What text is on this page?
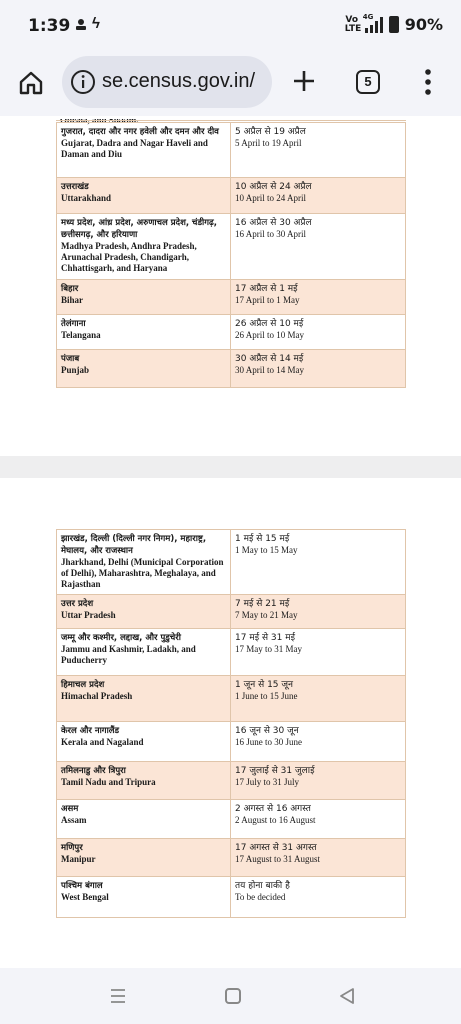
1:39 ϟ	Vo LTE
4G 90%
se.census.gov.in/	5
गुजरात, दादरा और नगर हवेली और दमन और दीव
Gujarat, Dadra and Nagar Haveli and Daman and Diu	5 अप्रैल से 19 अप्रैल
5 April to 19 April

उत्तराखंड
Uttarakhand	10 अप्रैल से 24 अप्रैल
10 April to 24 April

मध्य प्रदेश, आंध्र प्रदेश, अरुणाचल प्रदेश, चंडीगढ़, छत्तीसगढ़, और हरियाणा
Madhya Pradesh, Andhra Pradesh, Arunachal Pradesh, Chandigarh, Chhattisgarh, and Haryana	16 अप्रैल से 30 अप्रैल
16 April to 30 April

बिहार
Bihar	17 अप्रैल से 1 मई
17 April to 1 May

तेलंगाना
Telangana	26 अप्रैल से 10 मई
26 April to 10 May

पंजाब
Punjab	30 अप्रैल से 14 मई
30 April to 14 May
झारखंड, दिल्ली (दिल्ली नगर निगम), महाराष्ट्र, मेघालय, और राजस्थान
Jharkhand, Delhi (Municipal Corporation of Delhi), Maharashtra, Meghalaya, and Rajasthan	1 मई से 15 मई
1 May to 15 May

उत्तर प्रदेश
Uttar Pradesh	7 मई से 21 मई
7 May to 21 May

जम्मू और कश्मीर, लद्दाख, और पुडुचेरी
Jammu and Kashmir, Ladakh, and Puducherry	17 मई से 31 मई
17 May to 31 May

हिमाचल प्रदेश
Himachal Pradesh	1 जून से 15 जून
1 June to 15 June

केरल और नागालैंड
Kerala and Nagaland	16 जून से 30 जून
16 June to 30 June

तमिलनाडु और त्रिपुरा
Tamil Nadu and Tripura	17 जुलाई से 31 जुलाई
17 July to 31 July

असम
Assam	2 अगस्त से 16 अगस्त
2 August to 16 August

मणिपुर
Manipur	17 अगस्त से 31 अगस्त
17 August to 31 August

पश्चिम बंगाल
West Bengal	तय होना बाकी है
To be decided
